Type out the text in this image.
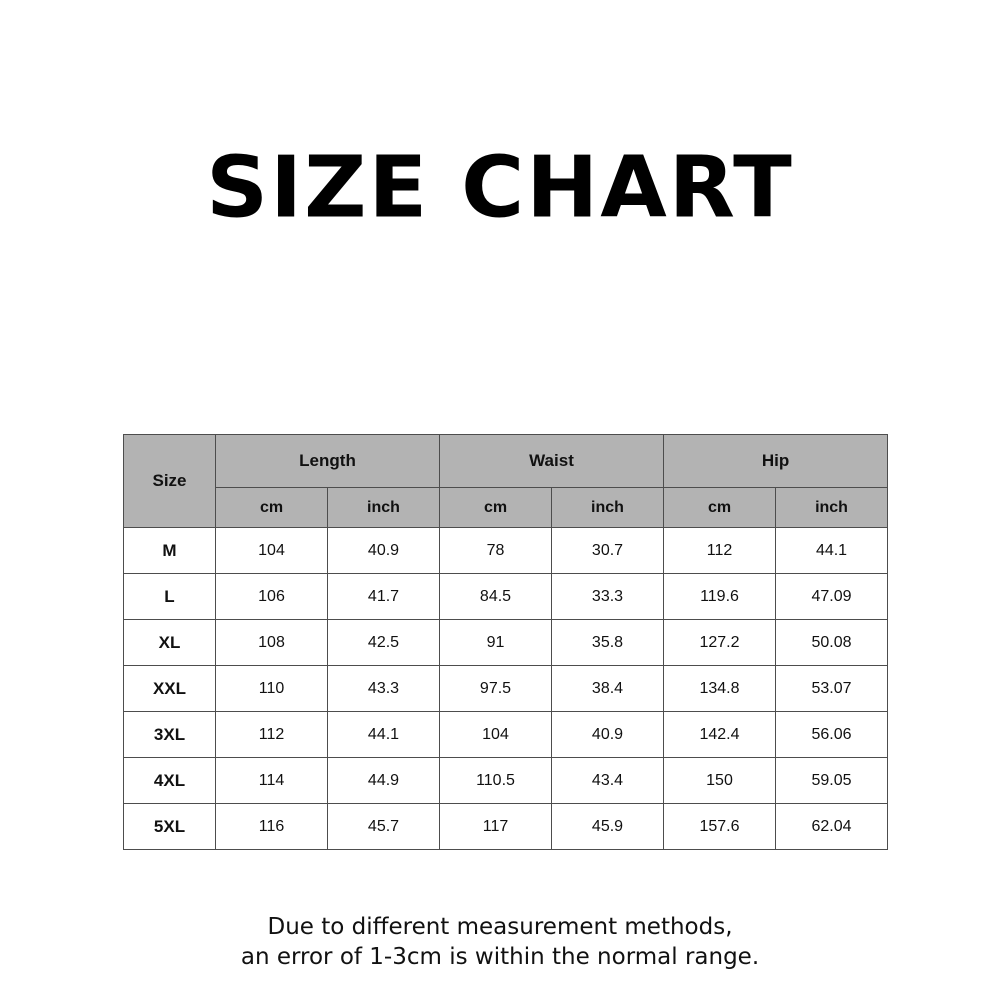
SIZE CHART
Size	Length		Waist		Hip	
	cm	inch	cm	inch	cm	inch
M	104	40.9	78	30.7	112	44.1
L	106	41.7	84.5	33.3	119.6	47.09
XL	108	42.5	91	35.8	127.2	50.08
XXL	110	43.3	97.5	38.4	134.8	53.07
3XL	112	44.1	104	40.9	142.4	56.06
4XL	114	44.9	110.5	43.4	150	59.05
5XL	116	45.7	117	45.9	157.6	62.04
Due to different measurement methods,
an error of 1-3cm is within the normal range.
